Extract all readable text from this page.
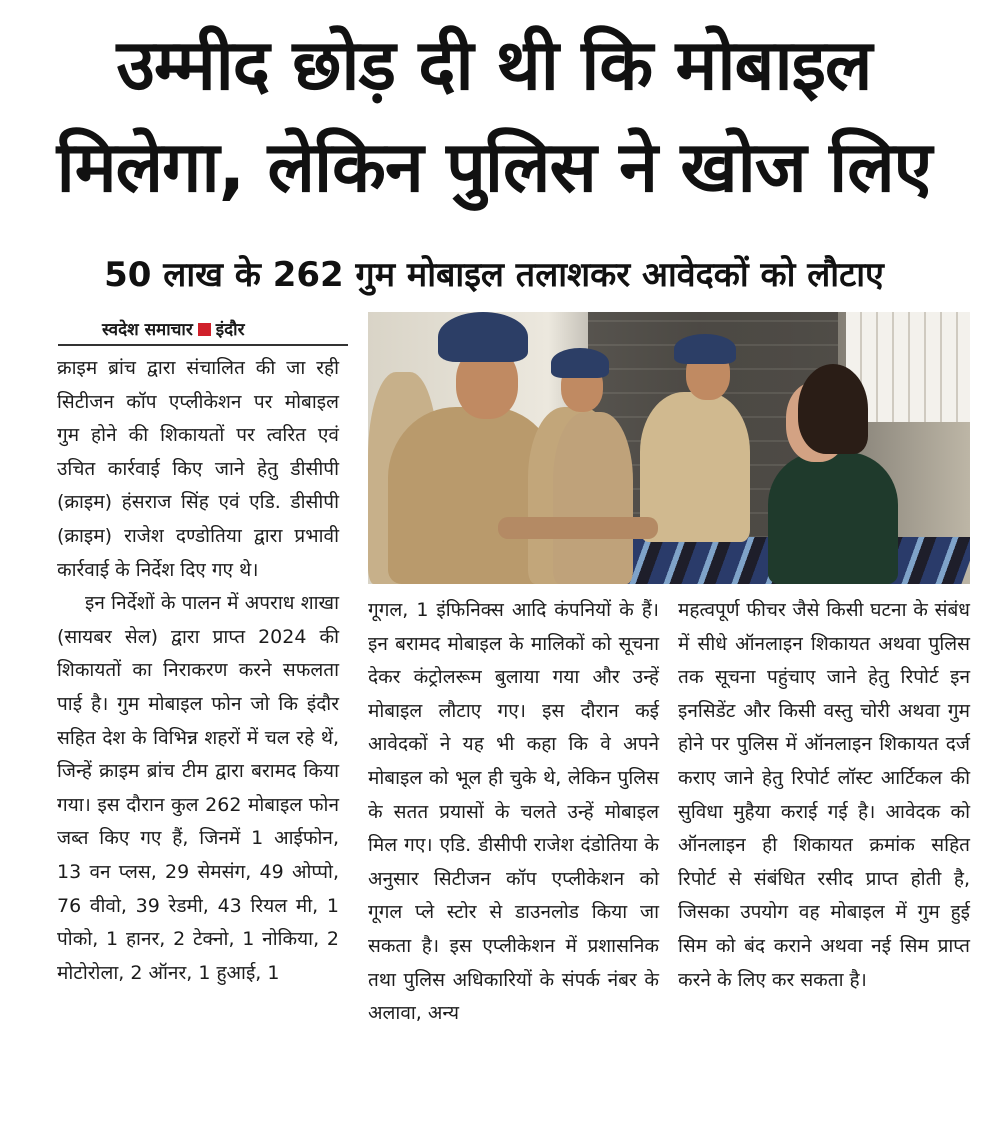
उम्मीद छोड़ दी थी कि मोबाइल
मिलेगा, लेकिन पुलिस ने खोज लिए
50 लाख के 262 गुम मोबाइल तलाशकर आवेदकों को लौटाए
स्वदेश समाचार इंदौर

क्राइम ब्रांच द्वारा संचालित की जा रही सिटीजन कॉप एप्लीकेशन पर मोबाइल गुम होने की शिकायतों पर त्वरित एवं उचित कार्रवाई किए जाने हेतु डीसीपी (क्राइम) हंसराज सिंह एवं एडि. डीसीपी (क्राइम) राजेश दण्डोतिया द्वारा प्रभावी कार्रवाई के निर्देश दिए गए थे।

इन निर्देशों के पालन में अपराध शाखा (सायबर सेल) द्वारा प्राप्त 2024 की शिकायतों का निराकरण करने सफलता पाई है। गुम मोबाइल फोन जो कि इंदौर सहित देश के विभिन्न शहरों में चल रहे थें, जिन्हें क्राइम ब्रांच टीम द्वारा बरामद किया गया। इस दौरान कुल 262 मोबाइल फोन जब्त किए गए हैं, जिनमें 1 आईफोन, 13 वन प्लस, 29 सेमसंग, 49 ओप्पो, 76 वीवो, 39 रेडमी, 43 रियल मी, 1 पोको, 1 हानर, 2 टेक्नो, 1 नोकिया, 2 मोटोरोला, 2 ऑनर, 1 हुआई, 1

गूगल, 1 इंफिनिक्स आदि कंपनियों के हैं। इन बरामद मोबाइल के मालिकों को सूचना देकर कंट्रोलरूम बुलाया गया और उन्हें मोबाइल लौटाए गए। इस दौरान कई आवेदकों ने यह भी कहा कि वे अपने मोबाइल को भूल ही चुके थे, लेकिन पुलिस के सतत प्रयासों के चलते उन्हें मोबाइल मिल गए। एडि. डीसीपी राजेश दंडोतिया के अनुसार सिटीजन कॉप एप्लीकेशन को गूगल प्ले स्टोर से डाउनलोड किया जा सकता है। इस एप्लीकेशन में प्रशासनिक तथा पुलिस अधिकारियों के संपर्क नंबर के अलावा, अन्य

महत्वपूर्ण फीचर जैसे किसी घटना के संबंध में सीधे ऑनलाइन शिकायत अथवा पुलिस तक सूचना पहुंचाए जाने हेतु रिपोर्ट इन इनसिडेंट और किसी वस्तु चोरी अथवा गुम होने पर पुलिस में ऑनलाइन शिकायत दर्ज कराए जाने हेतु रिपोर्ट लॉस्ट आर्टिकल की सुविधा मुहैया कराई गई है। आवेदक को ऑनलाइन ही शिकायत क्रमांक सहित रिपोर्ट से संबंधित रसीद प्राप्त होती है, जिसका उपयोग वह मोबाइल में गुम हुई सिम को बंद कराने अथवा नई सिम प्राप्त करने के लिए कर सकता है।
